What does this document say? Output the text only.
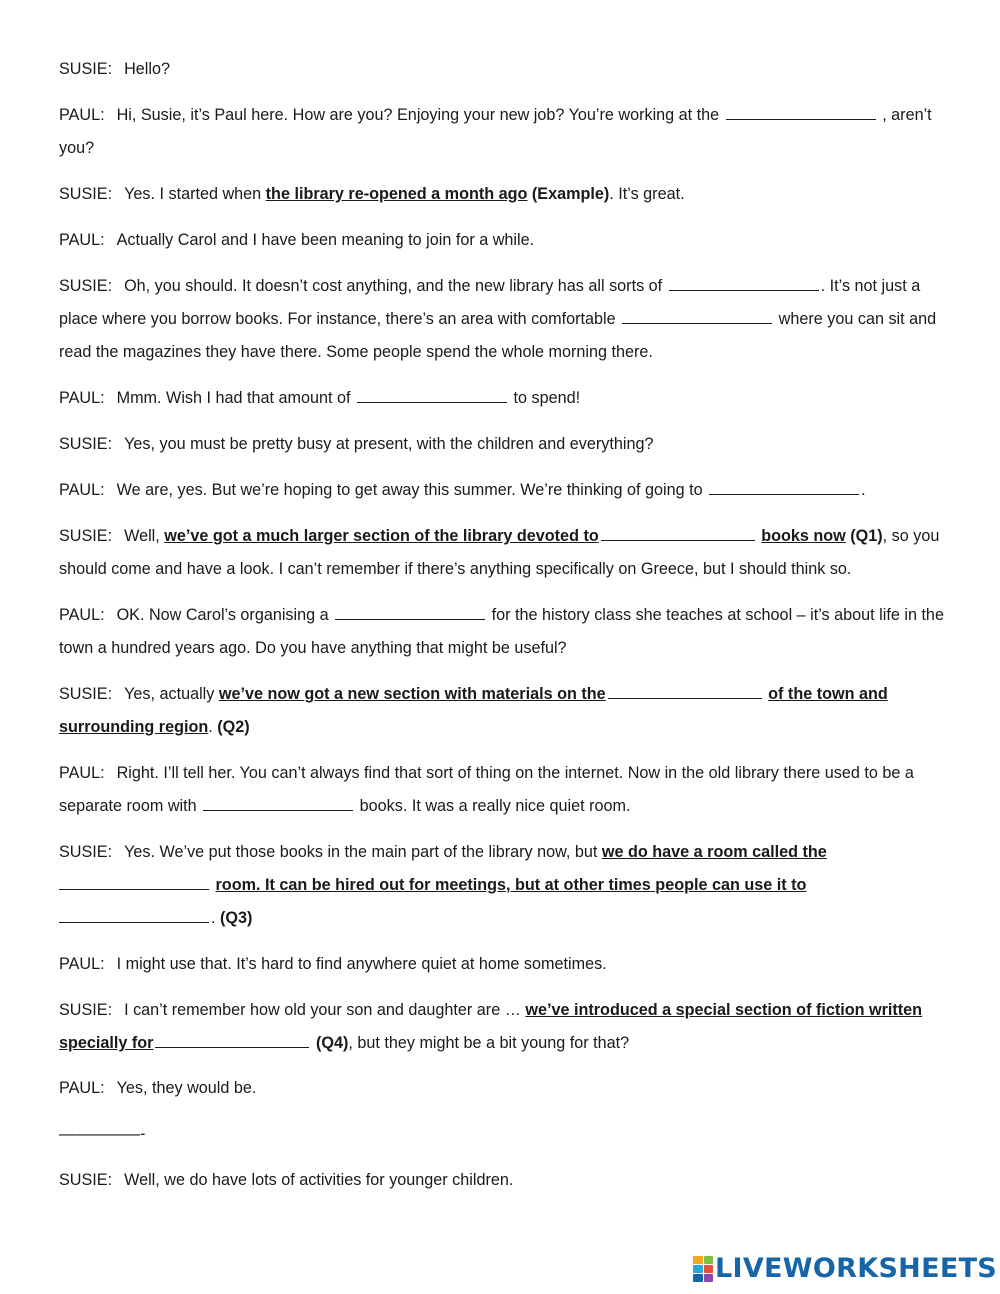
SUSIE: Hello?
PAUL: Hi, Susie, it’s Paul here. How are you? Enjoying your new job? You’re working at the	, aren’t you?
SUSIE: Yes. I started when the library re-opened a month ago (Example). It’s great.
PAUL: Actually Carol and I have been meaning to join for a while.
SUSIE: Oh, you should. It doesn’t cost anything, and the new library has all sorts of	. It’s not just a place where you borrow books. For instance, there’s an area with comfortable	where you can sit and read the magazines they have there. Some people spend the whole morning there.
PAUL: Mmm. Wish I had that amount of	to spend!
SUSIE: Yes, you must be pretty busy at present, with the children and everything?
PAUL: We are, yes. But we’re hoping to get away this summer. We’re thinking of going to	.
SUSIE: Well, we’ve got a much larger section of the library devoted to	books now (Q1), so you should come and have a look. I can’t remember if there’s anything specifically on Greece, but I should think so.
PAUL: OK. Now Carol’s organising a	for the history class she teaches at school – it’s about life in the town a hundred years ago. Do you have anything that might be useful?
SUSIE: Yes, actually we’ve now got a new section with materials on the	of the town and surrounding region. (Q2)
PAUL: Right. I’ll tell her. You can’t always find that sort of thing on the internet. Now in the old library there used to be a separate room with	books. It was a really nice quiet room.
SUSIE: Yes. We’ve put those books in the main part of the library now, but we do have a room called the
room. It can be hired out for meetings, but at other times people can use it to
. (Q3)
PAUL: I might use that. It’s hard to find anywhere quiet at home sometimes.
SUSIE: I can’t remember how old your son and daughter are … we’ve introduced a special section of fiction written specially for	(Q4), but they might be a bit young for that?
PAUL: Yes, they would be.
—————-
SUSIE: Well, we do have lots of activities for younger children.
LIVEWORKSHEETS
